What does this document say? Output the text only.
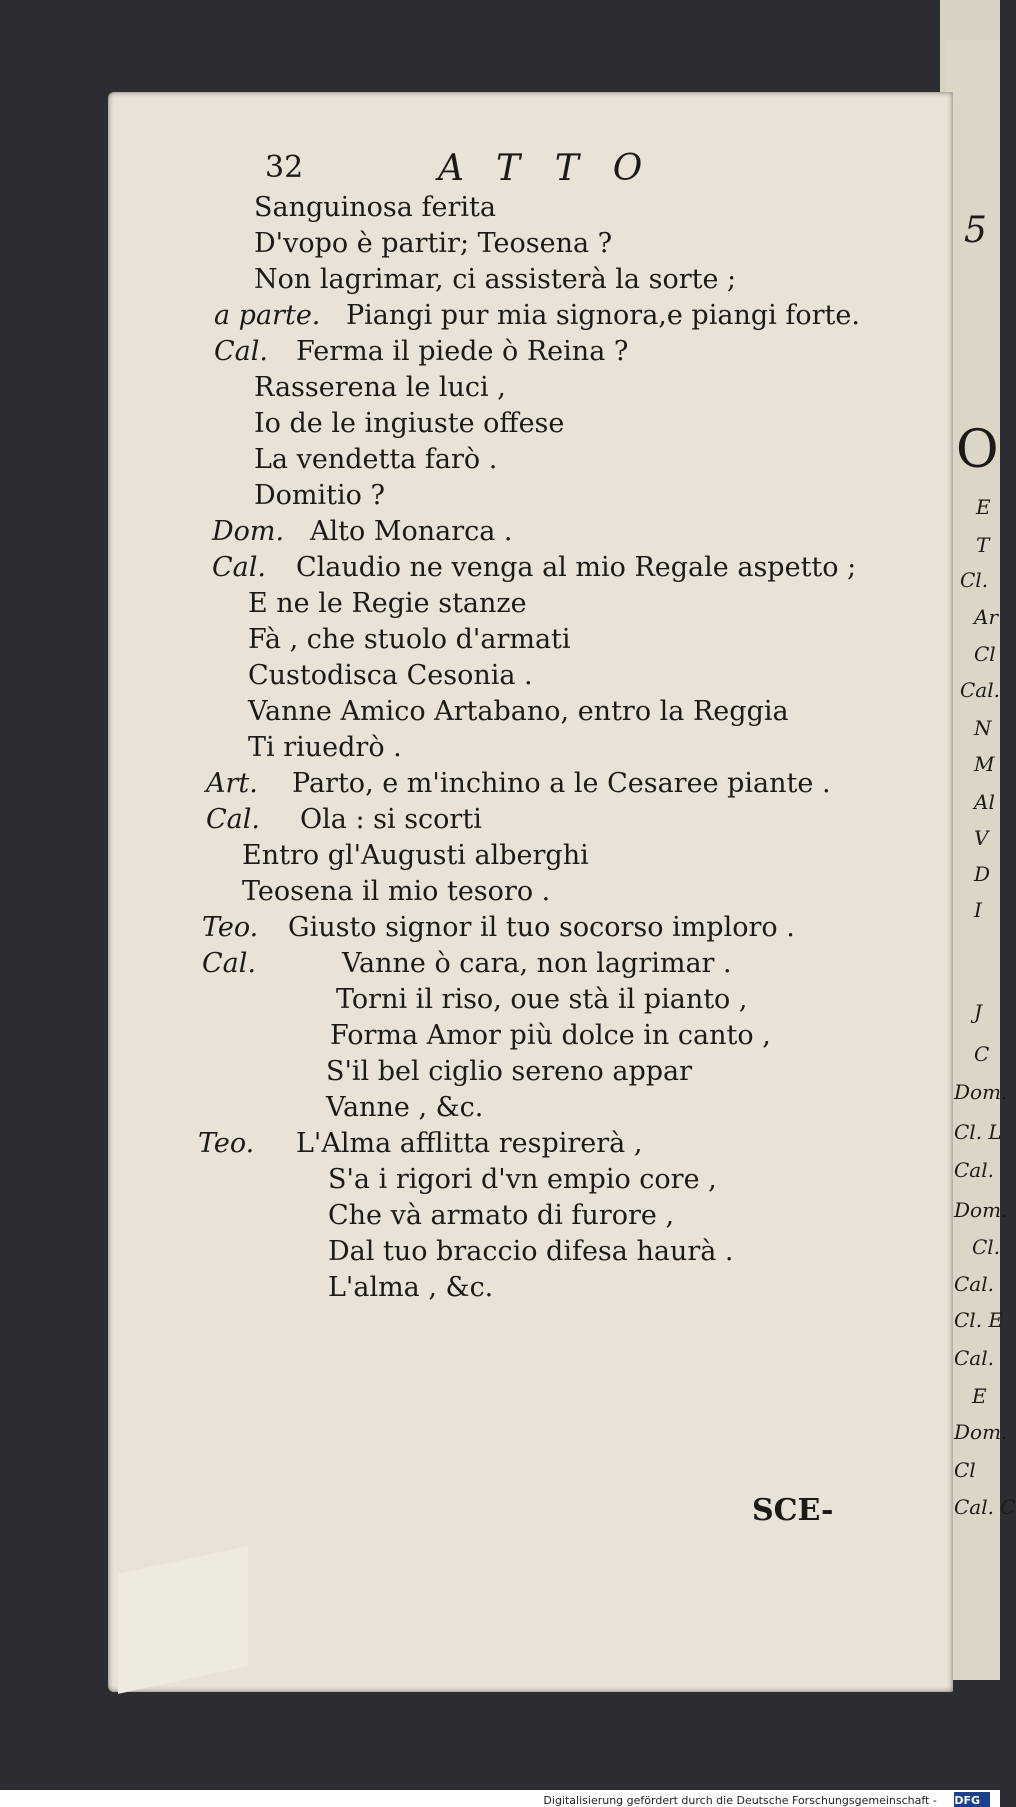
5
O
E
T
Cl.
Ar
Cl
Cal.
N
M
Al
V
D
I
J
C
Dom.
Cl. L
Cal.
Dom.
Cl.
Cal.
Cl. E
Cal.
E
Dom.
Cl
Cal. C
32	ATTO
Sanguinosa ferita
D'vopo è partir; Teosena ?
Non lagrimar, ci assisterà la sorte ;
a parte. Piangi pur mia signora,e piangi forte.
Cal. Ferma il piede ò Reina ?
Rasserena le luci ,
Io de le ingiuste offese
La vendetta farò .
Domitio ?
Dom. Alto Monarca .
Cal. Claudio ne venga al mio Regale aspetto ;
E ne le Regie stanze
Fà , che stuolo d'armati
Custodisca Cesonia .
Vanne Amico Artabano, entro la Reggia
Ti riuedrò .
Art. Parto, e m'inchino a le Cesaree piante .
Cal. Ola : si scorti
Entro gl'Augusti alberghi
Teosena il mio tesoro .
Teo. Giusto signor il tuo socorso imploro .
Cal.	Vanne ò cara, non lagrimar .
Torni il riso, oue stà il pianto ,
Forma Amor più dolce in canto ,
S'il bel ciglio sereno appar
Vanne , &c.
Teo. L'Alma afflitta respirerà ,
S'a i rigori d'vn empio core ,
Che và armato di furore ,
Dal tuo braccio difesa haurà .
L'alma , &c.
SCE-
Digitalisierung gefördert durch die Deutsche Forschungsgemeinschaft - DFG
